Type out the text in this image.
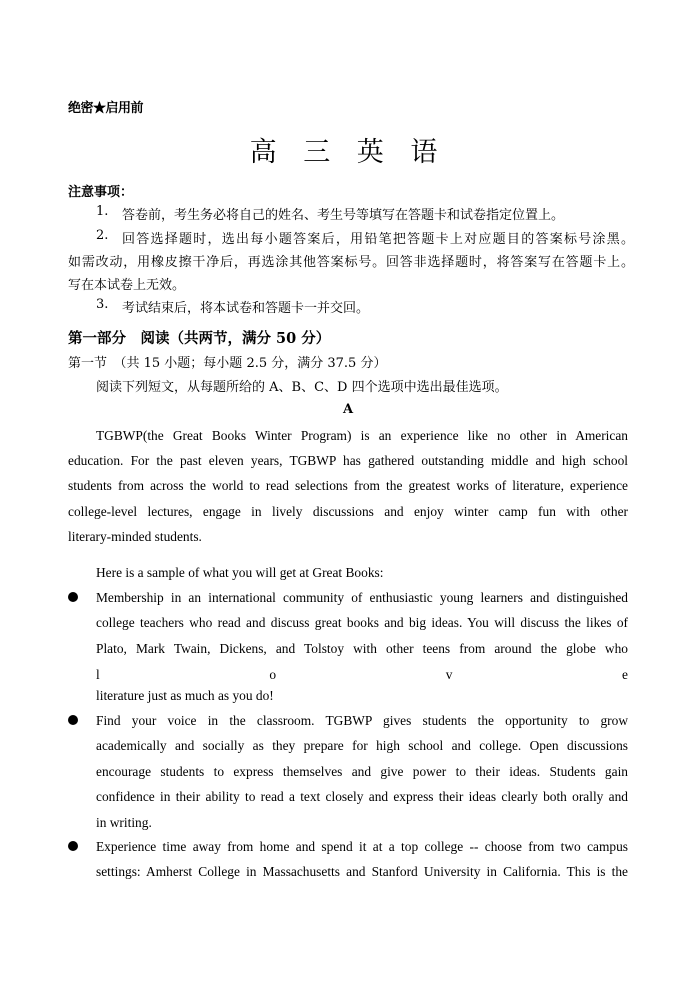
绝密★启用前
高 三 英 语
注意事项：
1. 答卷前，考生务必将自己的姓名、考生号等填写在答题卡和试卷指定位置上。
2. 回答选择题时，选出每小题答案后，用铅笔把答题卡上对应题目的答案标号涂黑。
如需改动，用橡皮擦干净后，再选涂其他答案标号。回答非选择题时，将答案写在答题卡上。
写在本试卷上无效。
3. 考试结束后，将本试卷和答题卡一并交回。
第一部分　阅读（共两节，满分 50 分）
第一节　（共 15 小题；每小题 2.5 分，满分 37.5 分）
阅读下列短文，从每题所给的 A、B、C、D 四个选项中选出最佳选项。
A
TGBWP(the Great Books Winter Program) is an experience like no other in American
education. For the past eleven years, TGBWP has gathered outstanding middle and high school
students from across the world to read selections from the greatest works of literature, experience
college-level lectures, engage in lively discussions and enjoy winter camp fun with other
literary-minded students.
Here is a sample of what you will get at Great Books:
Membership in an international community of enthusiastic young learners and distinguished
college teachers who read and discuss great books and big ideas. You will discuss the likes of
Plato, Mark Twain, Dickens, and Tolstoy with other teens from around the globe who
l	o	v	e
literature just as much as you do!
Find your voice in the classroom. TGBWP gives students the opportunity to grow
academically and socially as they prepare for high school and college. Open discussions
encourage students to express themselves and give power to their ideas. Students gain
confidence in their ability to read a text closely and express their ideas clearly both orally and
in writing.
Experience time away from home and spend it at a top college -- choose from two campus
settings: Amherst College in Massachusetts and Stanford University in California. This is the
